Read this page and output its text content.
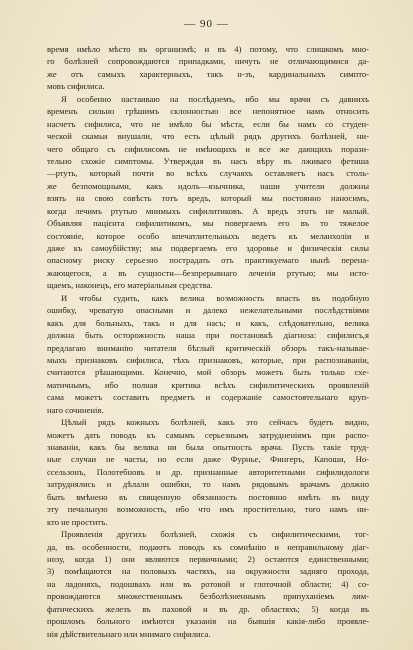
— 90 —
время имѣло мѣсто въ организмѣ; и въ 4) потому, что слишкомъ мно-
го болѣзней сопровождаются припадками, ничуть не отличающимися да-
же отъ самыхъ характерныхъ, такъ н-зъ, кардинальныхъ симпто-
мовъ сифилиса.
Я особенно настаиваю на послѣднемъ, ибо мы врачи съ давнихъ
временъ сильно грѣшимъ склонностью все непонятное намъ относить
насчетъ сифилиса, что не имѣло бы мѣста, если бы намъ со студен-
ческой скамьи внушали, что есть цѣлый рядъ другихъ болѣзней, ни-
чего общаго съ сифилисомъ не имѣющихъ и все же дающихъ порази-
тельно схожіе симптомы. Утверждая въ насъ вѣру въ лживаго фетиша
—ртуть, который почти во всѣхъ случаяхъ оставляетъ насъ столь-
же безпомощными, какъ идолъ—язычника, наши учители должны
взять на свою совѣсть тотъ вредъ, который мы постоянно наносимъ,
когда лечимъ ртутью мнимыхъ сифилитиковъ. А вредъ этотъ не малый.
Объявляя пацієнта сифилитикомъ, мы повергаемъ его въ то тяжелое
состояніе, которое особо впечатлительныхъ ведетъ къ меланхоліи и
даже къ самоубійству; мы подвергаемъ его здоровье и физическія силы
опасному риску серьезно пострадать отъ практикуемаго нынѣ перена-
жающегося, а въ сущности—безпрерывнаго леченія ртутью; мы исто-
щаемъ, наконецъ, его матеріальныя средства.
И чтобы судить, какъ велика возможность впасть въ подобную
ошибку, чреватую опасными и далеко нежелательными послѣдствіями
какъ для больныхъ, такъ и для насъ; и какъ, слѣдовательно, велика
должна быть осторожность наша при постановкѣ діагноза: сифилисъ,я
предлагаю вниманію читателя бѣглый критическій обзоръ такъ-называе-
мыхъ признаковъ сифилиса, тѣхъ признаковъ, которые, при распознаваніи,
считаются рѣшающими. Конечно, мой обзоръ можетъ быть только схе-
матичнымъ, ибо полная критика всѣхъ сифилитическихъ проявленій
сама можетъ составить предметъ и содержаніе самостоятельнаго круп-
наго сочиненія.
Цѣлый рядъ кожныхъ болѣзней, какъ это сейчасъ будетъ видно,
можетъ дать поводъ къ самымъ серьезнымъ затрудненіямъ при распо-
знаваніи, какъ бы велика ни была опытность врача. Пусть такіе труд-
ные случаи не часты, но если даже Фурнье, Фингеръ, Капоши, Но-
ссельзонъ, Полотебновъ и др. признанные авторитетными сифилидологи
затруднялись и дѣлали ошибки, то намъ рядовымъ врачамъ должно
быть вмѣнено въ священную обязанность постоянно имѣть въ виду
эту печальную возможность, ибо что имъ простительно, того намъ ни-
кто не проститъ.
Проявленія другихъ болѣзней, схожія съ сифилитическими, тог-
да, въ особенности, подаютъ поводъ къ сомнѣнію и неправильному діаг-
нозу, когда 1) они являются первичными; 2) остаются единственными;
3) помѣщаются на половыхъ частяхъ, на окружности задняго прохода,
на ладоняхъ, подошвахъ или въ ротовой и глоточной области; 4) со-
провождаются множественнымъ безболѣзненнымъ припуханіемъ лим-
фатическихъ железъ въ паховой и въ др. областяхъ; 5) когда въ
прошломъ больного имѣются указанія на бывшія какія-либо проявле-
нія дѣйствительнаго или мнимаго сифилиса.
